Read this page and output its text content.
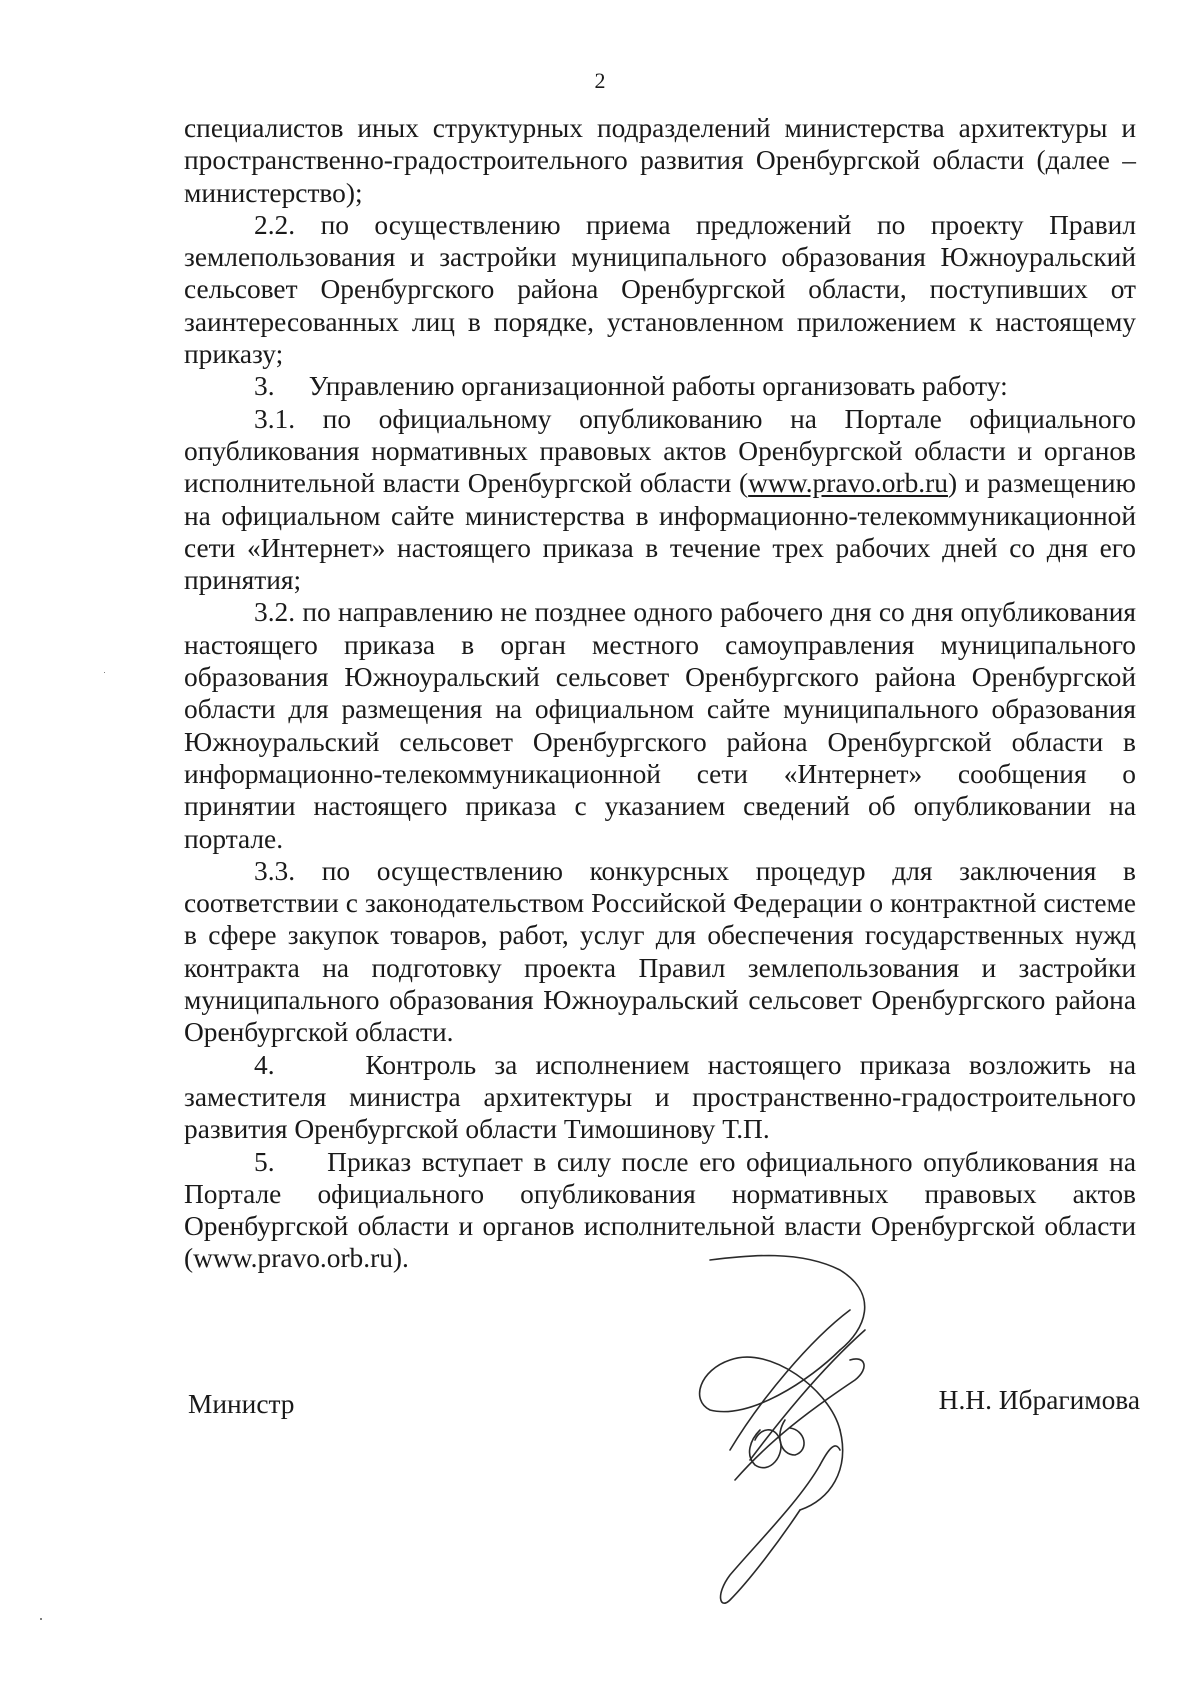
2

специалистов иных структурных подразделений министерства архитектуры и пространственно-градостроительного развития Оренбургской области (далее – министерство);

2.2. по осуществлению приема предложений по проекту Правил землепользования и застройки муниципального образования Южноуральский сельсовет Оренбургского района Оренбургской области, поступивших от заинтересованных лиц в порядке, установленном приложением к настоящему приказу;

3.     Управлению организационной работы организовать работу:

3.1. по официальному опубликованию на Портале официального опубликования нормативных правовых актов Оренбургской области и органов исполнительной власти Оренбургской области (www.pravo.orb.ru) и размещению на официальном сайте министерства в информационно-телекоммуникационной сети «Интернет» настоящего приказа в течение трех рабочих дней со дня его принятия;

3.2. по направлению не позднее одного рабочего дня со дня опубликования настоящего приказа в орган местного самоуправления муниципального образования Южноуральский сельсовет Оренбургского района Оренбургской области для размещения на официальном сайте муниципального образования Южноуральский сельсовет Оренбургского района Оренбургской области в информационно-телекоммуникационной сети «Интернет» сообщения о принятии настоящего приказа с указанием сведений об опубликовании на портале.

3.3. по осуществлению конкурсных процедур для заключения в соответствии с законодательством Российской Федерации о контрактной системе в сфере закупок товаров, работ, услуг для обеспечения государственных нужд контракта на подготовку проекта Правил землепользования и застройки муниципального образования Южноуральский сельсовет Оренбургского района Оренбургской области.

4.     Контроль за исполнением настоящего приказа возложить на заместителя министра архитектуры и пространственно-градостроительного развития Оренбургской области Тимошинову Т.П.

5.     Приказ вступает в силу после его официального опубликования на Портале официального опубликования нормативных правовых актов Оренбургской области и органов исполнительной власти Оренбургской области (www.pravo.orb.ru).

Министр	Н.Н. Ибрагимова
